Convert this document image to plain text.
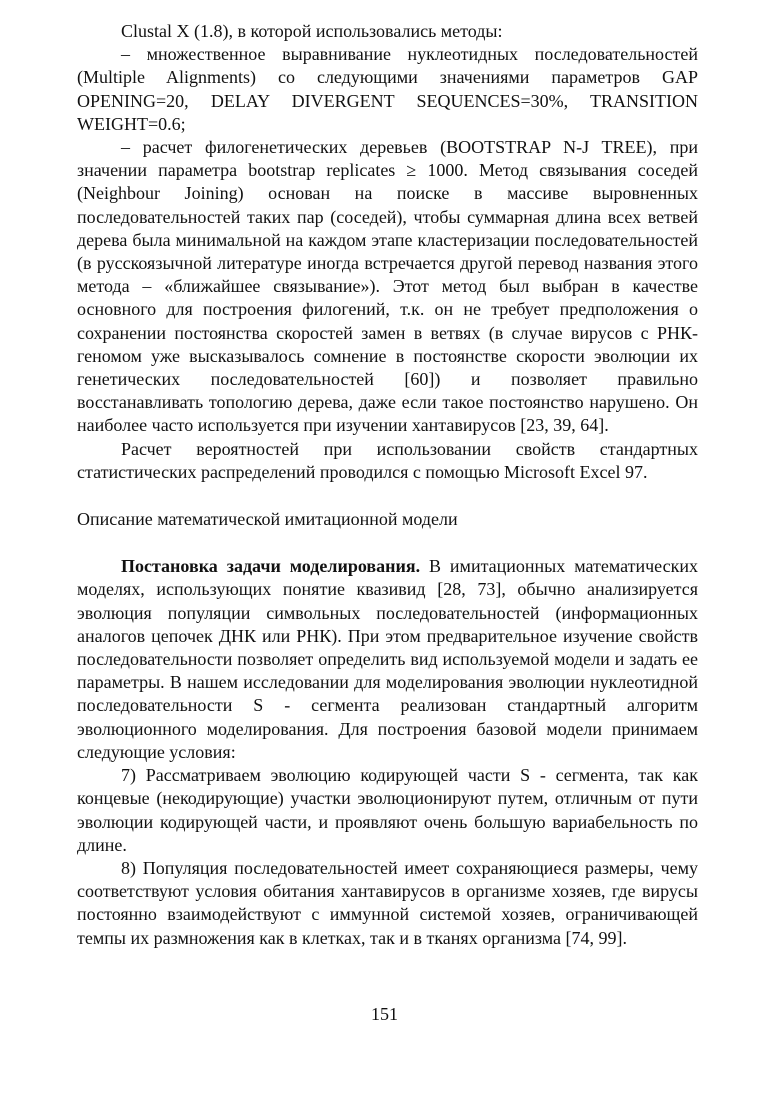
Clustal X (1.8), в которой использовались методы:

– множественное выравнивание нуклеотидных последовательностей (Multiple Alignments) со следующими значениями параметров GAP OPENING=20, DELAY DIVERGENT SEQUENCES=30%, TRANSITION WEIGHT=0.6;

– расчет филогенетических деревьев (BOOTSTRAP N-J TREE), при значении параметра bootstrap replicates ≥ 1000. Метод связывания соседей (Neighbour Joining) основан на поиске в массиве выровненных последовательностей таких пар (соседей), чтобы суммарная длина всех ветвей дерева была минимальной на каждом этапе кластеризации последовательностей (в русскоязычной литературе иногда встречается другой перевод названия этого метода – «ближайшее связывание»). Этот метод был выбран в качестве основного для построения филогений, т.к. он не требует предположения о сохранении постоянства скоростей замен в ветвях (в случае вирусов с РНК-геномом уже высказывалось сомнение в постоянстве скорости эволюции их генетических последовательностей [60]) и позволяет правильно восстанавливать топологию дерева, даже если такое постоянство нарушено. Он наиболее часто используется при изучении хантавирусов [23, 39, 64].

Расчет вероятностей при использовании свойств стандартных статистических распределений проводился с помощью Microsoft Excel 97.

Описание математической имитационной модели

Постановка задачи моделирования. В имитационных математических моделях, использующих понятие квазивид [28, 73], обычно анализируется эволюция популяции символьных последовательностей (информационных аналогов цепочек ДНК или РНК). При этом предварительное изучение свойств последовательности позволяет определить вид используемой модели и задать ее параметры. В нашем исследовании для моделирования эволюции нуклеотидной последовательности S - сегмента реализован стандартный алгоритм эволюционного моделирования. Для построения базовой модели принимаем следующие условия:

7) Рассматриваем эволюцию кодирующей части S - сегмента, так как концевые (некодирующие) участки эволюционируют путем, отличным от пути эволюции кодирующей части, и проявляют очень большую вариабельность по длине.

8) Популяция последовательностей имеет сохраняющиеся размеры, чему соответствуют условия обитания хантавирусов в организме хозяев, где вирусы постоянно взаимодействуют с иммунной системой хозяев, ограничивающей темпы их размножения как в клетках, так и в тканях организма [74, 99].

151
